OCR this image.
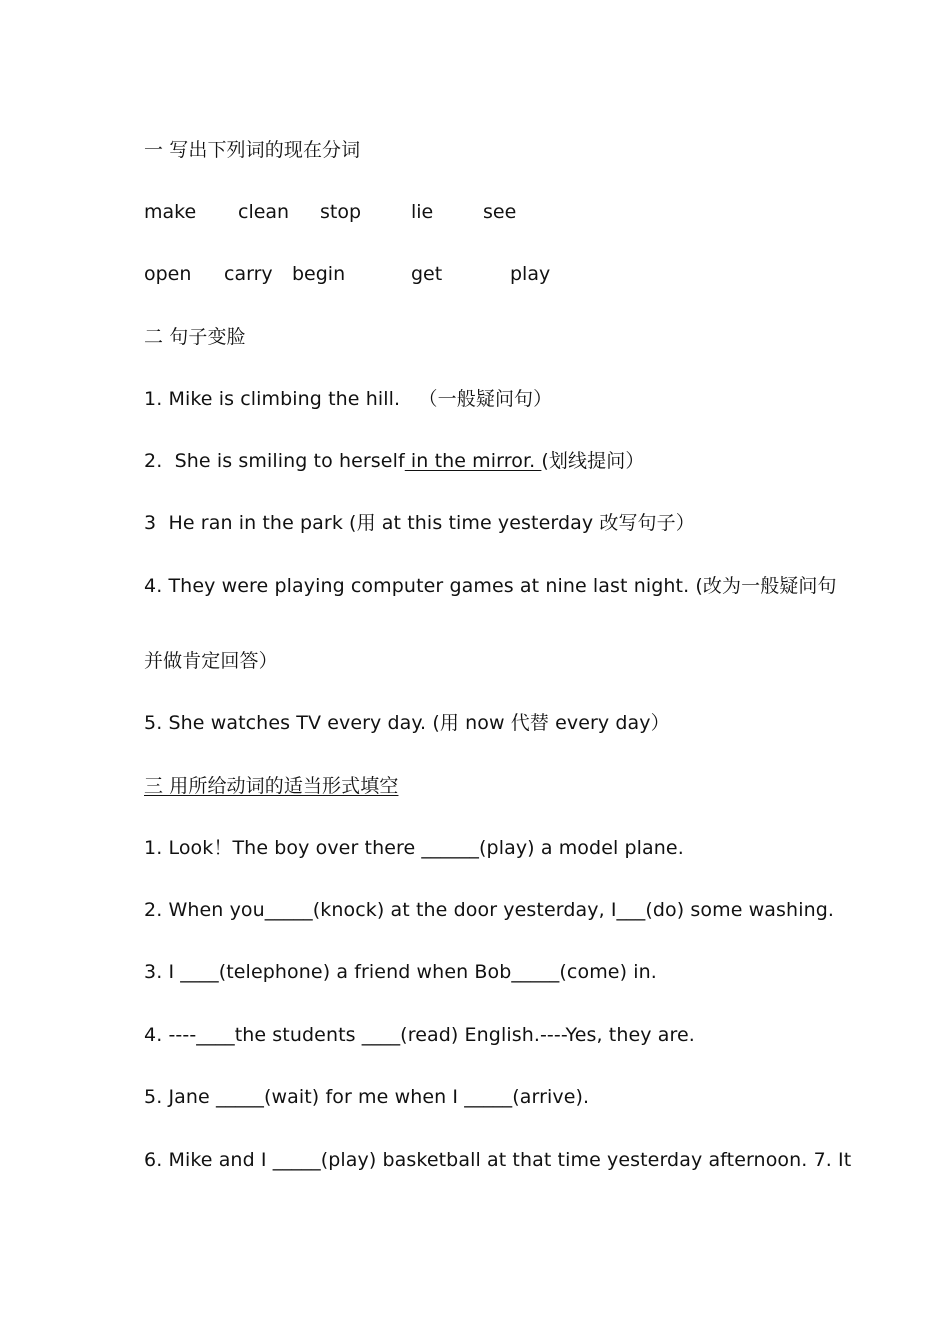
一 写出下列词的现在分词
make clean stop	lie	see
open carry begin	get	play
二 句子变脸
1. Mike is climbing the hill.   （一般疑问句）
2.  She is smiling to herself in the mirror. (划线提问）
3  He ran in the park (用 at this time yesterday 改写句子）
4. They were playing computer games at nine last night. (改为一般疑问句
并做肯定回答）
5. She watches TV every day. (用 now 代替 every day）
三 用所给动词的适当形式填空
1. Look！The boy over there ______(play) a model plane.
2. When you_____(knock) at the door yesterday, I___(do) some washing.
3. I ____(telephone) a friend when Bob_____(come) in.
4. ----____the students ____(read) English.----Yes, they are.
5. Jane _____(wait) for me when I _____(arrive).
6. Mike and I _____(play) basketball at that time yesterday afternoon. 7. It
